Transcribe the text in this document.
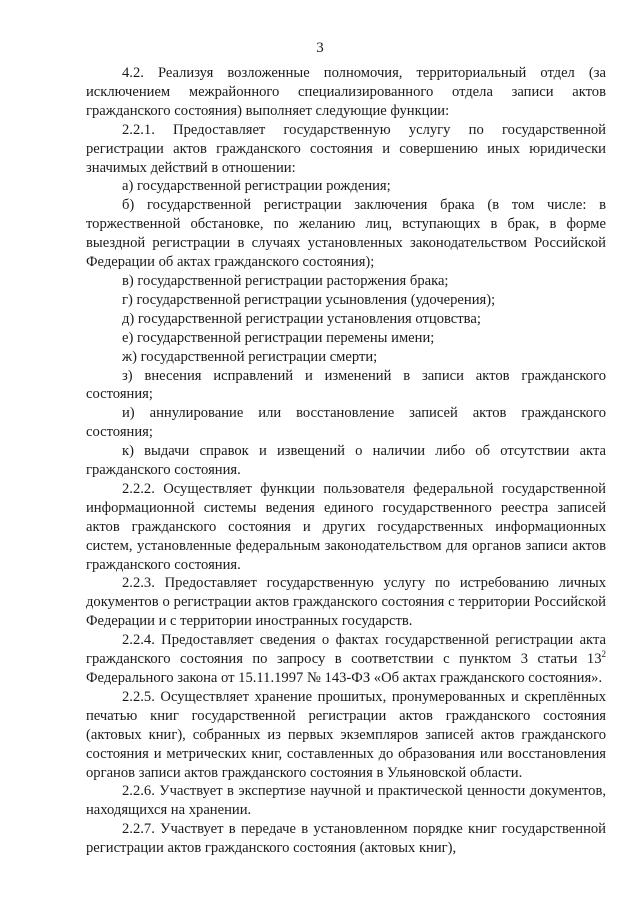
3

4.2. Реализуя возложенные полномочия, территориальный отдел (за исключением межрайонного специализированного отдела записи актов гражданского состояния) выполняет следующие функции:

2.2.1. Предоставляет государственную услугу по государственной регистрации актов гражданского состояния и совершению иных юридически значимых действий в отношении:

а) государственной регистрации рождения;

б) государственной регистрации заключения брака (в том числе: в торжественной обстановке, по желанию лиц, вступающих в брак, в форме выездной регистрации в случаях установленных законодательством Российской Федерации об актах гражданского состояния);

в) государственной регистрации расторжения брака;

г) государственной регистрации усыновления (удочерения);

д) государственной регистрации установления отцовства;

е) государственной регистрации перемены имени;

ж) государственной регистрации смерти;

з) внесения исправлений и изменений в записи актов гражданского состояния;

и) аннулирование или восстановление записей актов гражданского состояния;

к) выдачи справок и извещений о наличии либо об отсутствии акта гражданского состояния.

2.2.2. Осуществляет функции пользователя федеральной государственной информационной системы ведения единого государственного реестра записей актов гражданского состояния и других государственных информационных систем, установленные федеральным законодательством для органов записи актов гражданского состояния.

2.2.3. Предоставляет государственную услугу по истребованию личных документов о регистрации актов гражданского состояния с территории Российской Федерации и с территории иностранных государств.

2.2.4. Предоставляет сведения о фактах государственной регистрации акта гражданского состояния по запросу в соответствии с пунктом 3 статьи $13^2$ Федерального закона от 15.11.1997 № 143-ФЗ «Об актах гражданского состояния».

2.2.5. Осуществляет хранение прошитых, пронумерованных и скреплённых печатью книг государственной регистрации актов гражданского состояния (актовых книг), собранных из первых экземпляров записей актов гражданского состояния и метрических книг, составленных до образования или восстановления органов записи актов гражданского состояния в Ульяновской области.

2.2.6. Участвует в экспертизе научной и практической ценности документов, находящихся на хранении.

2.2.7. Участвует в передаче в установленном порядке книг государственной регистрации актов гражданского состояния (актовых книг),
